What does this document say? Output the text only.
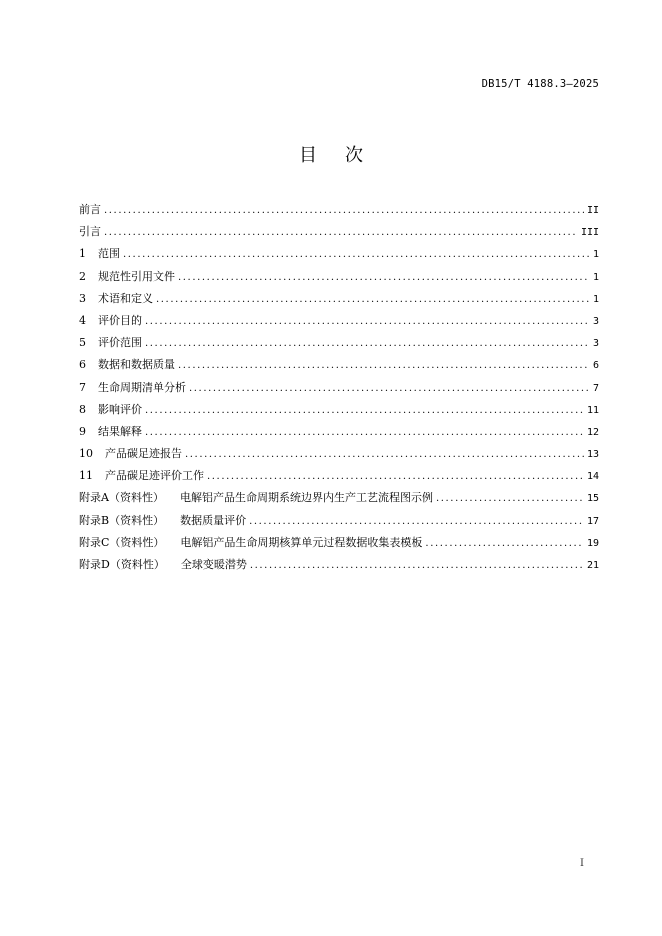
DB15/T 4188.3—2025
目次
前言 .....	II
引言 .....	III
1 范围 .....	1
2 规范性引用文件 .....	1
3 术语和定义 .....	1
4 评价目的 .....	3
5 评价范围 .....	3
6 数据和数据质量 .....	6
7 生命周期清单分析 .....	7
8 影响评价 .....	11
9 结果解释 .....	12
10 产品碳足迹报告 .....	13
11 产品碳足迹评价工作 .....	14
附录A（资料性） 电解铝产品生命周期系统边界内生产工艺流程图示例 .....	15
附录B（资料性） 数据质量评价 .....	17
附录C（资料性） 电解铝产品生命周期核算单元过程数据收集表模板 .....	19
附录D（资料性） 全球变暖潜势 .....	21
I
